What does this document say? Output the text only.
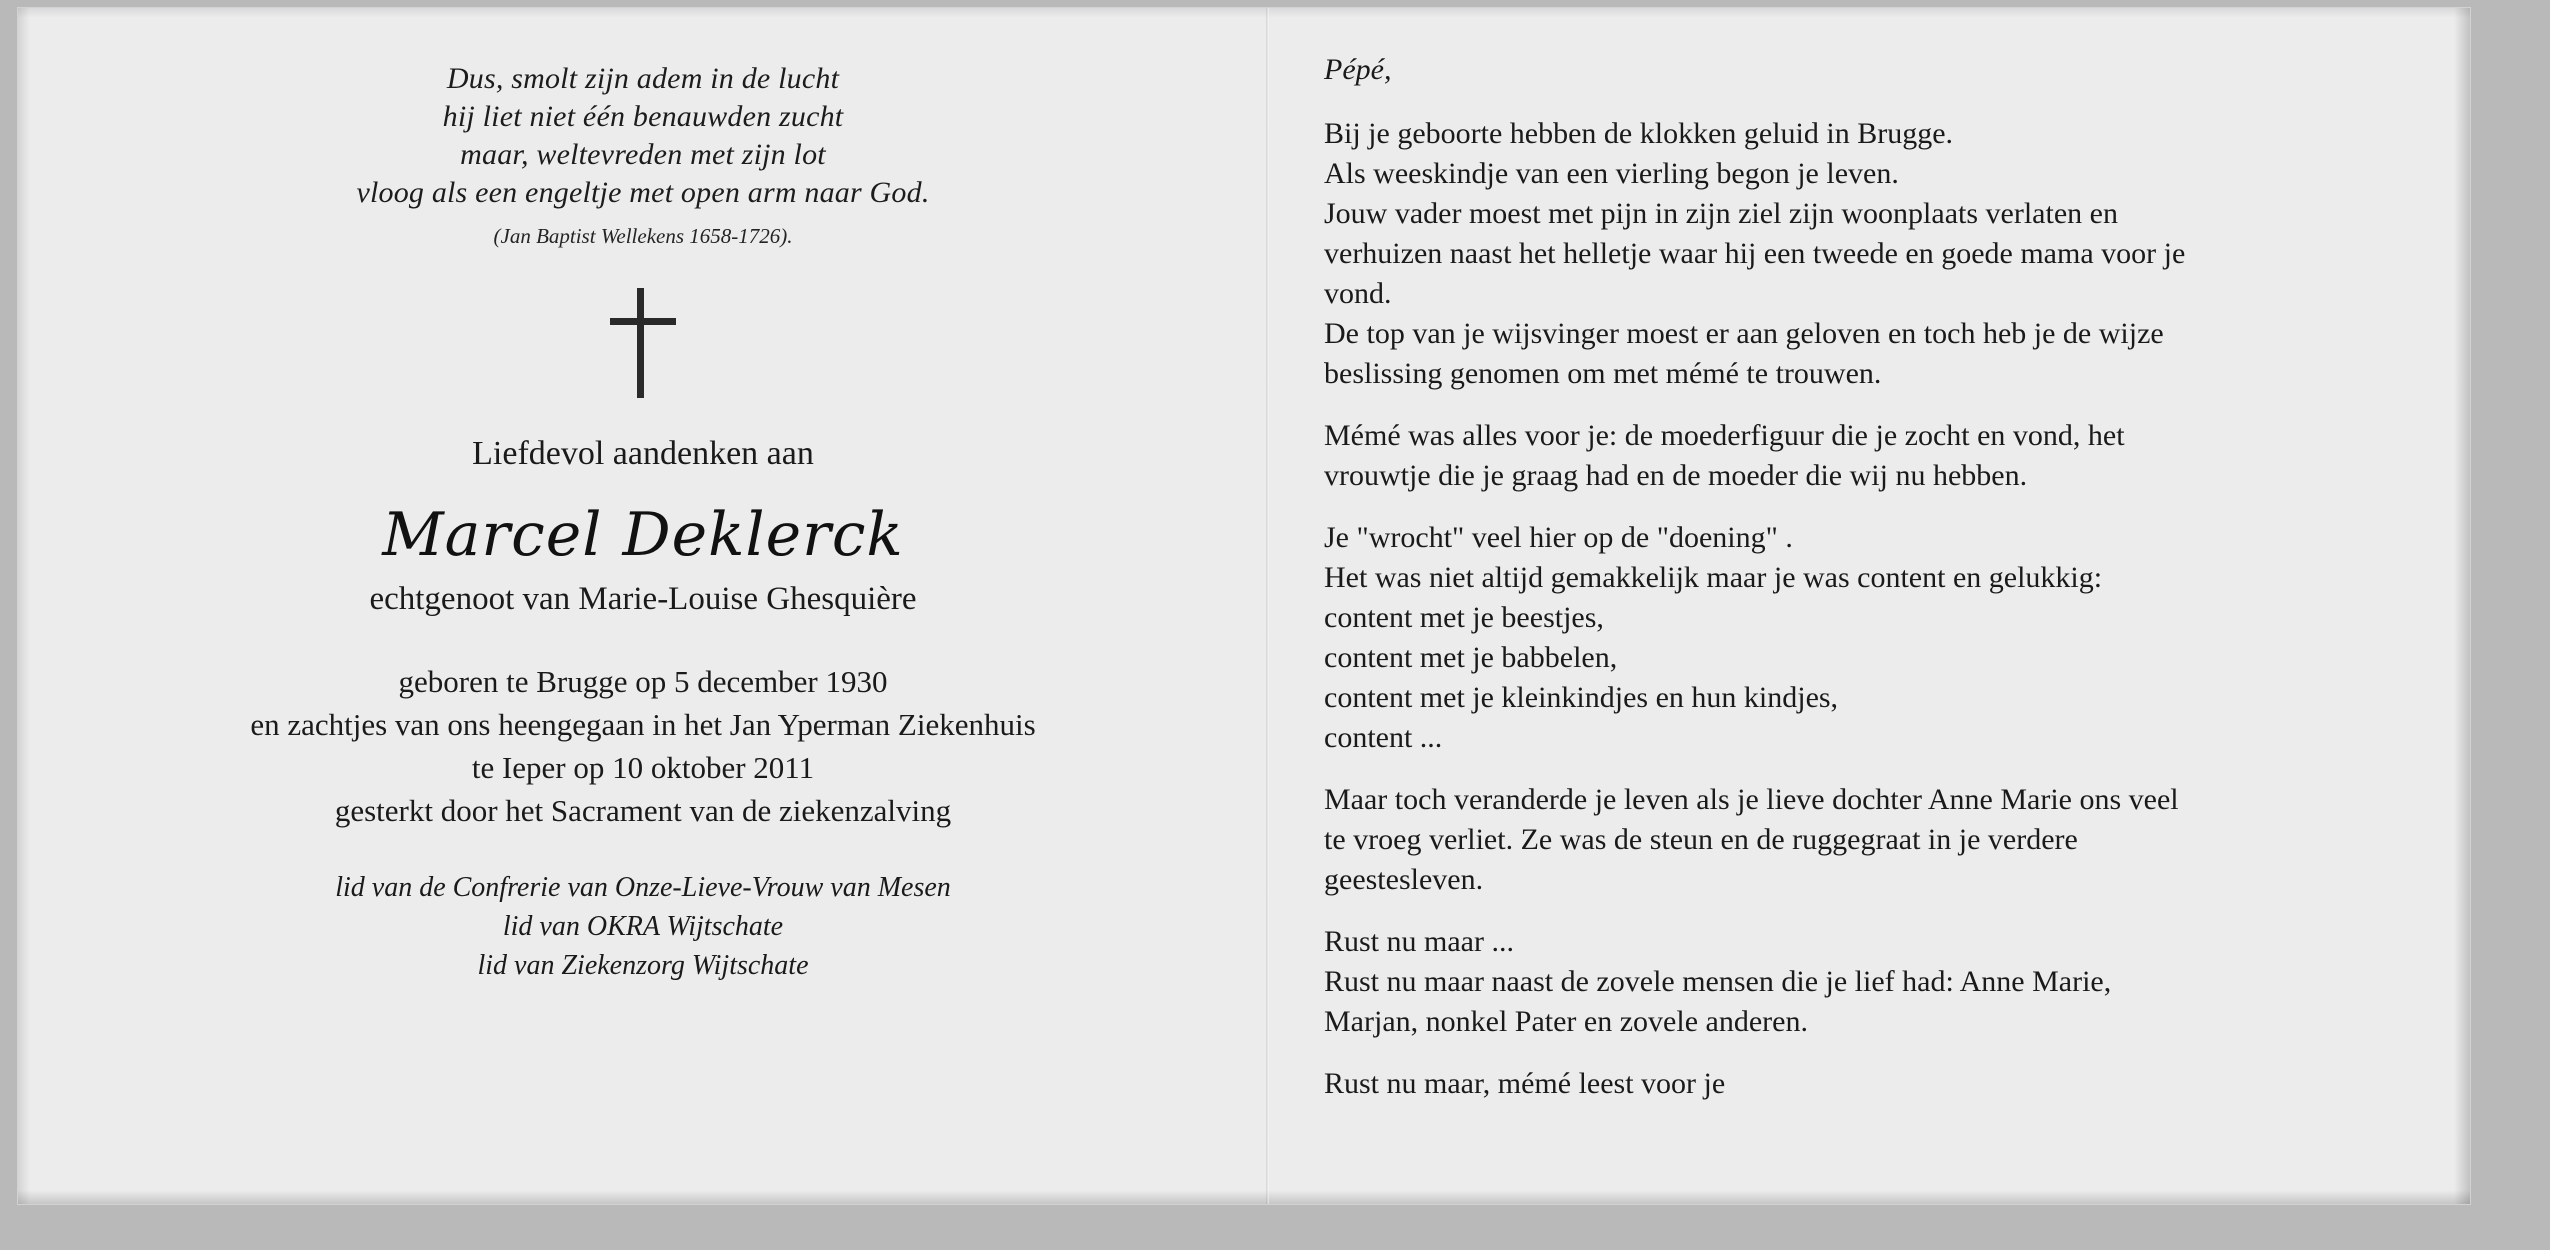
Dus, smolt zijn adem in de lucht
hij liet niet één benauwden zucht
maar, weltevreden met zijn lot
vloog als een engeltje met open arm naar God.
(Jan Baptist Wellekens 1658-1726).
Liefdevol aandenken aan
Marcel Deklerck
echtgenoot van Marie-Louise Ghesquière
geboren te Brugge op 5 december 1930
en zachtjes van ons heengegaan in het Jan Yperman Ziekenhuis
te Ieper op 10 oktober 2011
gesterkt door het Sacrament van de ziekenzalving
lid van de Confrerie van Onze-Lieve-Vrouw van Mesen
lid van OKRA Wijtschate
lid van Ziekenzorg Wijtschate
Pépé,
Bij je geboorte hebben de klokken geluid in Brugge.
Als weeskindje van een vierling begon je leven.
Jouw vader moest met pijn in zijn ziel zijn woonplaats verlaten en
verhuizen naast het helletje waar hij een tweede en goede mama voor je
vond.
De top van je wijsvinger moest er aan geloven en toch heb je de wijze
beslissing genomen om met mémé te trouwen.
Mémé was alles voor je: de moederfiguur die je zocht en vond, het
vrouwtje die je graag had en de moeder die wij nu hebben.
Je "wrocht" veel hier op de "doening" .
Het was niet altijd gemakkelijk maar je was content en gelukkig:
content met je beestjes,
content met je babbelen,
content met je kleinkindjes en hun kindjes,
content ...
Maar toch veranderde je leven als je lieve dochter Anne Marie ons veel
te vroeg verliet. Ze was de steun en de ruggegraat in je verdere
geestesleven.
Rust nu maar ...
Rust nu maar naast de zovele mensen die je lief had: Anne Marie,
Marjan, nonkel Pater en zovele anderen.
Rust nu maar, mémé leest voor je
